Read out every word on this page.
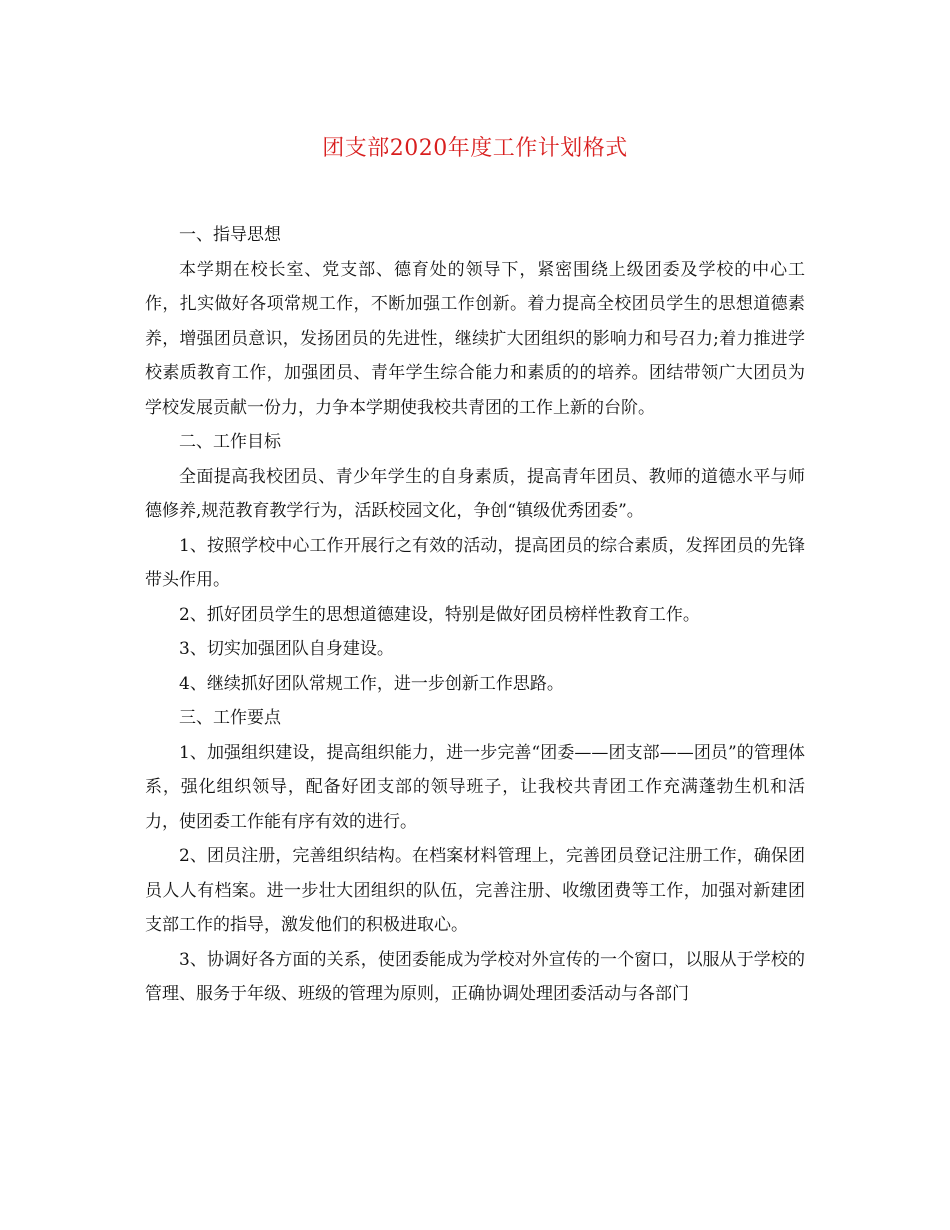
团支部2020年度工作计划格式

一、指导思想

本学期在校长室、党支部、德育处的领导下，紧密围绕上级团委及学校的中心工作，扎实做好各项常规工作，不断加强工作创新。着力提高全校团员学生的思想道德素养，增强团员意识，发扬团员的先进性，继续扩大团组织的影响力和号召力;着力推进学校素质教育工作，加强团员、青年学生综合能力和素质的的培养。团结带领广大团员为学校发展贡献一份力，力争本学期使我校共青团的工作上新的台阶。

二、工作目标

全面提高我校团员、青少年学生的自身素质，提高青年团员、教师的道德水平与师德修养,规范教育教学行为，活跃校园文化，争创“镇级优秀团委”。

1、按照学校中心工作开展行之有效的活动，提高团员的综合素质，发挥团员的先锋带头作用。

2、抓好团员学生的思想道德建设，特别是做好团员榜样性教育工作。

3、切实加强团队自身建设。

4、继续抓好团队常规工作，进一步创新工作思路。

三、工作要点

1、加强组织建设，提高组织能力，进一步完善“团委——团支部——团员”的管理体系，强化组织领导，配备好团支部的领导班子，让我校共青团工作充满蓬勃生机和活力，使团委工作能有序有效的进行。

2、团员注册，完善组织结构。在档案材料管理上，完善团员登记注册工作，确保团员人人有档案。进一步壮大团组织的队伍，完善注册、收缴团费等工作，加强对新建团支部工作的指导，激发他们的积极进取心。

3、协调好各方面的关系，使团委能成为学校对外宣传的一个窗口，以服从于学校的管理、服务于年级、班级的管理为原则，正确协调处理团委活动与各部门
